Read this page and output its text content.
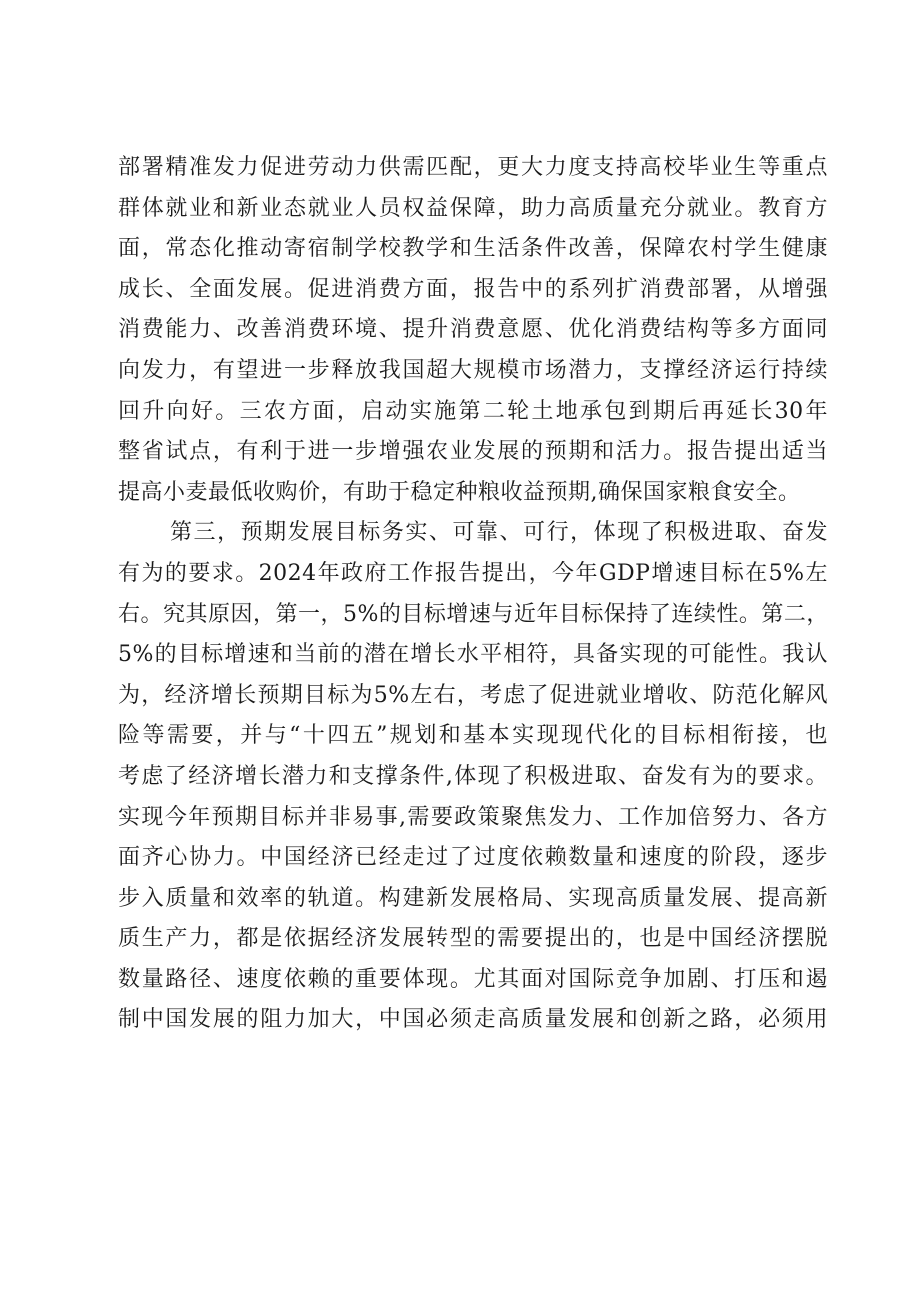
部署精准发力促进劳动力供需匹配，更大力度支持高校毕业生等重点
群体就业和新业态就业人员权益保障，助力高质量充分就业。教育方
面，常态化推动寄宿制学校教学和生活条件改善，保障农村学生健康
成长、全面发展。促进消费方面，报告中的系列扩消费部署，从增强
消费能力、改善消费环境、提升消费意愿、优化消费结构等多方面同
向发力，有望进一步释放我国超大规模市场潜力，支撑经济运行持续
回升向好。三农方面，启动实施第二轮土地承包到期后再延长30年
整省试点，有利于进一步增强农业发展的预期和活力。报告提出适当
提高小麦最低收购价，有助于稳定种粮收益预期,确保国家粮食安全。
第三，预期发展目标务实、可靠、可行，体现了积极进取、奋发
有为的要求。2024年政府工作报告提出，今年GDP增速目标在5%左
右。究其原因，第一，5%的目标增速与近年目标保持了连续性。第二，
5%的目标增速和当前的潜在增长水平相符，具备实现的可能性。我认
为，经济增长预期目标为5%左右，考虑了促进就业增收、防范化解风
险等需要，并与“十四五”规划和基本实现现代化的目标相衔接，也
考虑了经济增长潜力和支撑条件,体现了积极进取、奋发有为的要求。
实现今年预期目标并非易事,需要政策聚焦发力、工作加倍努力、各方
面齐心协力。中国经济已经走过了过度依赖数量和速度的阶段，逐步
步入质量和效率的轨道。构建新发展格局、实现高质量发展、提高新
质生产力，都是依据经济发展转型的需要提出的，也是中国经济摆脱
数量路径、速度依赖的重要体现。尤其面对国际竞争加剧、打压和遏
制中国发展的阻力加大，中国必须走高质量发展和创新之路，必须用
